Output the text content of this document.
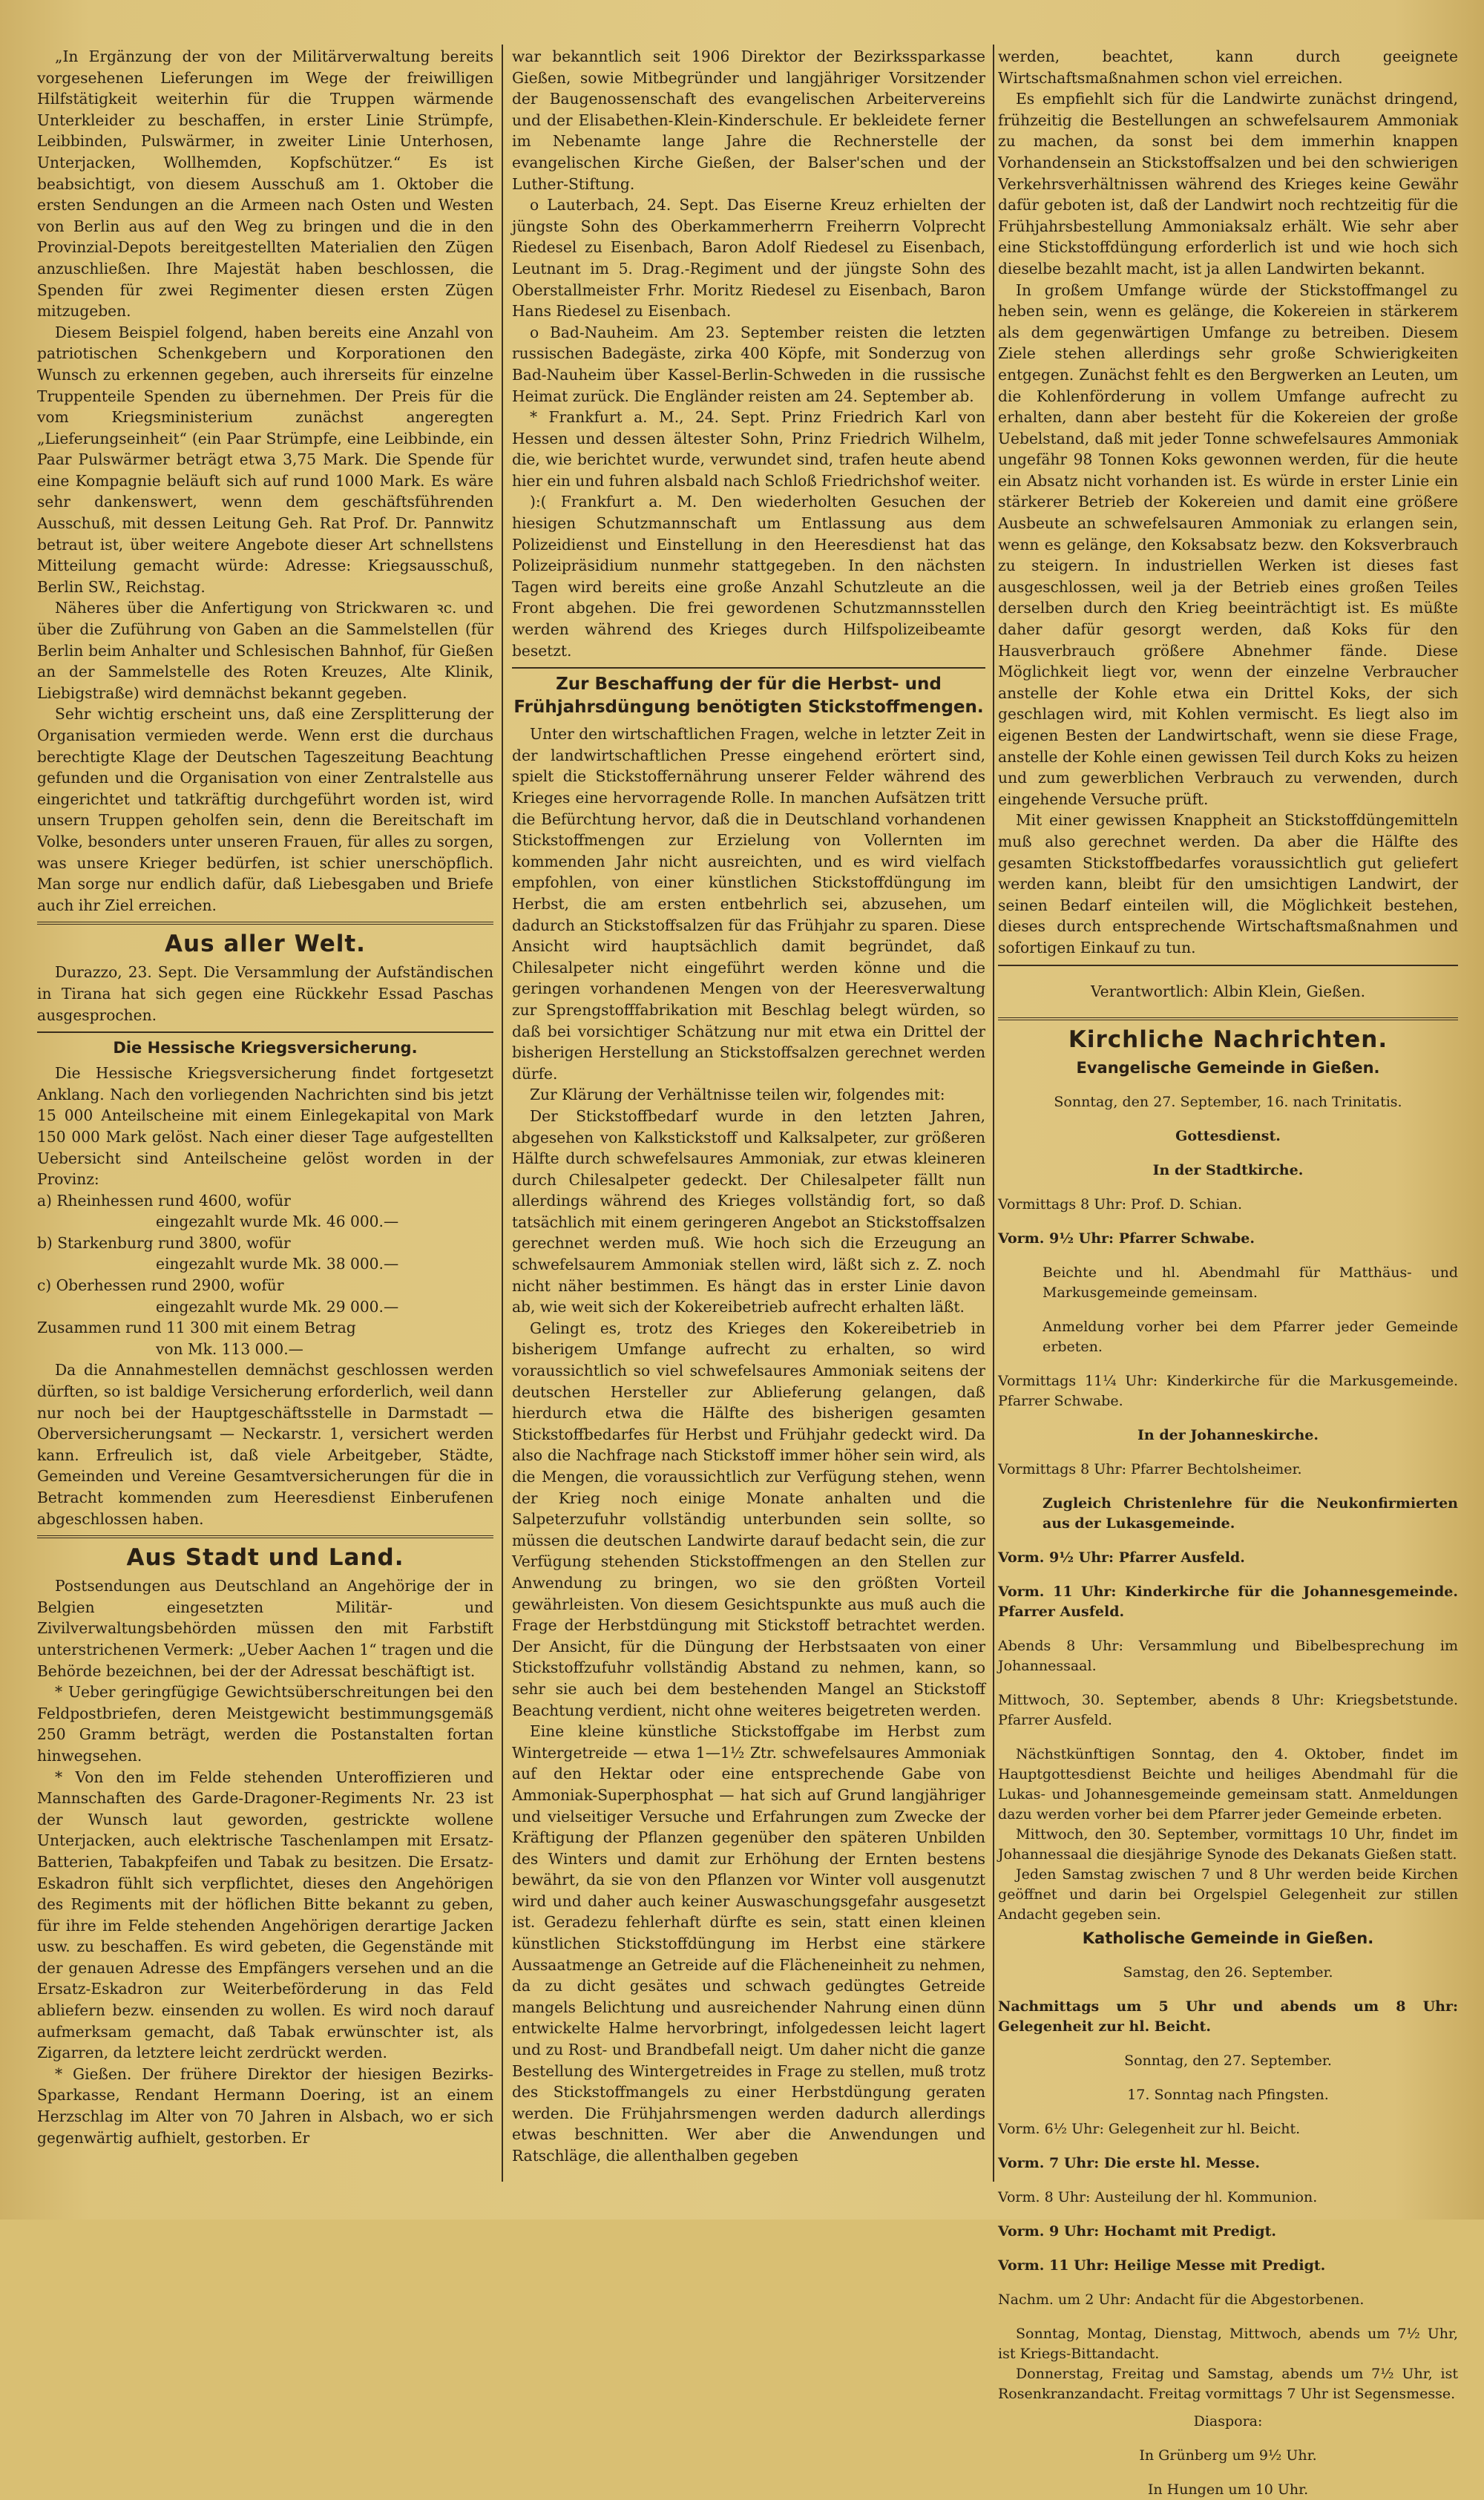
„In Ergänzung der von der Militärverwaltung bereits vorgesehenen Lieferungen im Wege der freiwilligen Hilfstätigkeit weiterhin für die Truppen wärmende Unterkleider zu beschaffen, in erster Linie Strümpfe, Leibbinden, Pulswärmer, in zweiter Linie Unterhosen, Unterjacken, Wollhemden, Kopfschützer.“ Es ist beabsichtigt, von diesem Ausschuß am 1. Oktober die ersten Sendungen an die Armeen nach Osten und Westen von Berlin aus auf den Weg zu bringen und die in den Provinzial-Depots bereitgestellten Materialien den Zügen anzuschließen. Ihre Majestät haben beschlossen, die Spenden für zwei Regimenter diesen ersten Zügen mitzugeben.

Diesem Beispiel folgend, haben bereits eine Anzahl von patriotischen Schenkgebern und Korporationen den Wunsch zu erkennen gegeben, auch ihrerseits für einzelne Truppenteile Spenden zu übernehmen. Der Preis für die vom Kriegsministerium zunächst angeregten „Lieferungseinheit“ (ein Paar Strümpfe, eine Leibbinde, ein Paar Pulswärmer beträgt etwa 3,75 Mark. Die Spende für eine Kompagnie beläuft sich auf rund 1000 Mark. Es wäre sehr dankenswert, wenn dem geschäftsführenden Ausschuß, mit dessen Leitung Geh. Rat Prof. Dr. Pannwitz betraut ist, über weitere Angebote dieser Art schnellstens Mitteilung gemacht würde: Adresse: Kriegsausschuß, Berlin SW., Reichstag.

Näheres über die Anfertigung von Strickwaren ꝛc. und über die Zuführung von Gaben an die Sammelstellen (für Berlin beim Anhalter und Schlesischen Bahnhof, für Gießen an der Sammelstelle des Roten Kreuzes, Alte Klinik, Liebigstraße) wird demnächst bekannt gegeben.

Sehr wichtig erscheint uns, daß eine Zersplitterung der Organisation vermieden werde. Wenn erst die durchaus berechtigte Klage der Deutschen Tageszeitung Beachtung gefunden und die Organisation von einer Zentralstelle aus eingerichtet und tatkräftig durchgeführt worden ist, wird unsern Truppen geholfen sein, denn die Bereitschaft im Volke, besonders unter unseren Frauen, für alles zu sorgen, was unsere Krieger bedürfen, ist schier unerschöpflich. Man sorge nur endlich dafür, daß Liebesgaben und Briefe auch ihr Ziel erreichen.

Aus aller Welt.

Durazzo, 23. Sept. Die Versammlung der Aufständischen in Tirana hat sich gegen eine Rückkehr Essad Paschas ausgesprochen.

Die Hessische Kriegsversicherung.

Die Hessische Kriegsversicherung findet fortgesetzt Anklang. Nach den vorliegenden Nachrichten sind bis jetzt 15 000 Anteilscheine mit einem Einlegekapital von Mark 150 000 Mark gelöst. Nach einer dieser Tage aufgestellten Uebersicht sind Anteilscheine gelöst worden in der Provinz:

a) Rheinhessen rund 4600, wofür
eingezahlt wurde Mk. 46 000.—
b) Starkenburg rund 3800, wofür
eingezahlt wurde Mk. 38 000.—
c) Oberhessen rund 2900, wofür
eingezahlt wurde Mk. 29 000.—
Zusammen rund 11 300 mit einem Betrag
von Mk. 113 000.—

Da die Annahmestellen demnächst geschlossen werden dürften, so ist baldige Versicherung erforderlich, weil dann nur noch bei der Hauptgeschäftsstelle in Darmstadt — Oberversicherungsamt — Neckarstr. 1, versichert werden kann. Erfreulich ist, daß viele Arbeitgeber, Städte, Gemeinden und Vereine Gesamtversicherungen für die in Betracht kommenden zum Heeresdienst Einberufenen abgeschlossen haben.

Aus Stadt und Land.

Postsendungen aus Deutschland an Angehörige der in Belgien eingesetzten Militär- und Zivilverwaltungsbehörden müssen den mit Farbstift unterstrichenen Vermerk: „Ueber Aachen 1“ tragen und die Behörde bezeichnen, bei der der Adressat beschäftigt ist.

* Ueber geringfügige Gewichtsüberschreitungen bei den Feldpostbriefen, deren Meistgewicht bestimmungsgemäß 250 Gramm beträgt, werden die Postanstalten fortan hinwegsehen.

* Von den im Felde stehenden Unteroffizieren und Mannschaften des Garde-Dragoner-Regiments Nr. 23 ist der Wunsch laut geworden, gestrickte wollene Unterjacken, auch elektrische Taschenlampen mit Ersatz-Batterien, Tabakpfeifen und Tabak zu besitzen. Die Ersatz-Eskadron fühlt sich verpflichtet, dieses den Angehörigen des Regiments mit der höflichen Bitte bekannt zu geben, für ihre im Felde stehenden Angehörigen derartige Jacken usw. zu beschaffen. Es wird gebeten, die Gegenstände mit der genauen Adresse des Empfängers versehen und an die Ersatz-Eskadron zur Weiterbeförderung in das Feld abliefern bezw. einsenden zu wollen. Es wird noch darauf aufmerksam gemacht, daß Tabak erwünschter ist, als Zigarren, da letztere leicht zerdrückt werden.

* Gießen. Der frühere Direktor der hiesigen Bezirks-Sparkasse, Rendant Hermann Doering, ist an einem Herzschlag im Alter von 70 Jahren in Alsbach, wo er sich gegenwärtig aufhielt, gestorben. Er

war bekanntlich seit 1906 Direktor der Bezirkssparkasse Gießen, sowie Mitbegründer und langjähriger Vorsitzender der Baugenossenschaft des evangelischen Arbeitervereins und der Elisabethen-Klein-Kinderschule. Er bekleidete ferner im Nebenamte lange Jahre die Rechnerstelle der evangelischen Kirche Gießen, der Balser'schen und der Luther-Stiftung.

o Lauterbach, 24. Sept. Das Eiserne Kreuz erhielten der jüngste Sohn des Oberkammerherrn Freiherrn Volprecht Riedesel zu Eisenbach, Baron Adolf Riedesel zu Eisenbach, Leutnant im 5. Drag.-Regiment und der jüngste Sohn des Oberstallmeister Frhr. Moritz Riedesel zu Eisenbach, Baron Hans Riedesel zu Eisenbach.

o Bad-Nauheim. Am 23. September reisten die letzten russischen Badegäste, zirka 400 Köpfe, mit Sonderzug von Bad-Nauheim über Kassel-Berlin-Schweden in die russische Heimat zurück. Die Engländer reisten am 24. September ab.

* Frankfurt a. M., 24. Sept. Prinz Friedrich Karl von Hessen und dessen ältester Sohn, Prinz Friedrich Wilhelm, die, wie berichtet wurde, verwundet sind, trafen heute abend hier ein und fuhren alsbald nach Schloß Friedrichshof weiter.

):( Frankfurt a. M. Den wiederholten Gesuchen der hiesigen Schutzmannschaft um Entlassung aus dem Polizeidienst und Einstellung in den Heeresdienst hat das Polizeipräsidium nunmehr stattgegeben. In den nächsten Tagen wird bereits eine große Anzahl Schutzleute an die Front abgehen. Die frei gewordenen Schutzmannsstellen werden während des Krieges durch Hilfspolizeibeamte besetzt.

Zur Beschaffung der für die Herbst- und Frühjahrsdüngung benötigten Stickstoffmengen.

Unter den wirtschaftlichen Fragen, welche in letzter Zeit in der landwirtschaftlichen Presse eingehend erörtert sind, spielt die Stickstoffernährung unserer Felder während des Krieges eine hervorragende Rolle. In manchen Aufsätzen tritt die Befürchtung hervor, daß die in Deutschland vorhandenen Stickstoffmengen zur Erzielung von Vollernten im kommenden Jahr nicht ausreichten, und es wird vielfach empfohlen, von einer künstlichen Stickstoffdüngung im Herbst, die am ersten entbehrlich sei, abzusehen, um dadurch an Stickstoffsalzen für das Frühjahr zu sparen. Diese Ansicht wird hauptsächlich damit begründet, daß Chilesalpeter nicht eingeführt werden könne und die geringen vorhandenen Mengen von der Heeresverwaltung zur Sprengstofffabrikation mit Beschlag belegt würden, so daß bei vorsichtiger Schätzung nur mit etwa ein Drittel der bisherigen Herstellung an Stickstoffsalzen gerechnet werden dürfe.

Zur Klärung der Verhältnisse teilen wir, folgendes mit:

Der Stickstoffbedarf wurde in den letzten Jahren, abgesehen von Kalkstickstoff und Kalksalpeter, zur größeren Hälfte durch schwefelsaures Ammoniak, zur etwas kleineren durch Chilesalpeter gedeckt. Der Chilesalpeter fällt nun allerdings während des Krieges vollständig fort, so daß tatsächlich mit einem geringeren Angebot an Stickstoffsalzen gerechnet werden muß. Wie hoch sich die Erzeugung an schwefelsaurem Ammoniak stellen wird, läßt sich z. Z. noch nicht näher bestimmen. Es hängt das in erster Linie davon ab, wie weit sich der Kokereibetrieb aufrecht erhalten läßt.

Gelingt es, trotz des Krieges den Kokereibetrieb in bisherigem Umfange aufrecht zu erhalten, so wird voraussichtlich so viel schwefelsaures Ammoniak seitens der deutschen Hersteller zur Ablieferung gelangen, daß hierdurch etwa die Hälfte des bisherigen gesamten Stickstoffbedarfes für Herbst und Frühjahr gedeckt wird. Da also die Nachfrage nach Stickstoff immer höher sein wird, als die Mengen, die voraussichtlich zur Verfügung stehen, wenn der Krieg noch einige Monate anhalten und die Salpeterzufuhr vollständig unterbunden sein sollte, so müssen die deutschen Landwirte darauf bedacht sein, die zur Verfügung stehenden Stickstoffmengen an den Stellen zur Anwendung zu bringen, wo sie den größten Vorteil gewährleisten. Von diesem Gesichtspunkte aus muß auch die Frage der Herbstdüngung mit Stickstoff betrachtet werden. Der Ansicht, für die Düngung der Herbstsaaten von einer Stickstoffzufuhr vollständig Abstand zu nehmen, kann, so sehr sie auch bei dem bestehenden Mangel an Stickstoff Beachtung verdient, nicht ohne weiteres beigetreten werden.

Eine kleine künstliche Stickstoffgabe im Herbst zum Wintergetreide — etwa 1—1½ Ztr. schwefelsaures Ammoniak auf den Hektar oder eine entsprechende Gabe von Ammoniak-Superphosphat — hat sich auf Grund langjähriger und vielseitiger Versuche und Erfahrungen zum Zwecke der Kräftigung der Pflanzen gegenüber den späteren Unbilden des Winters und damit zur Erhöhung der Ernten bestens bewährt, da sie von den Pflanzen vor Winter voll ausgenutzt wird und daher auch keiner Auswaschungsgefahr ausgesetzt ist. Geradezu fehlerhaft dürfte es sein, statt einen kleinen künstlichen Stickstoffdüngung im Herbst eine stärkere Aussaatmenge an Getreide auf die Flächeneinheit zu nehmen, da zu dicht gesätes und schwach gedüngtes Getreide mangels Belichtung und ausreichender Nahrung einen dünn entwickelte Halme hervorbringt, infolgedessen leicht lagert und zu Rost- und Brandbefall neigt. Um daher nicht die ganze Bestellung des Wintergetreides in Frage zu stellen, muß trotz des Stickstoffmangels zu einer Herbstdüngung geraten werden. Die Frühjahrsmengen werden dadurch allerdings etwas beschnitten. Wer aber die Anwendungen und Ratschläge, die allenthalben gegeben

werden, beachtet, kann durch geeignete Wirtschaftsmaßnahmen schon viel erreichen.

Es empfiehlt sich für die Landwirte zunächst dringend, frühzeitig die Bestellungen an schwefelsaurem Ammoniak zu machen, da sonst bei dem immerhin knappen Vorhandensein an Stickstoffsalzen und bei den schwierigen Verkehrsverhältnissen während des Krieges keine Gewähr dafür geboten ist, daß der Landwirt noch rechtzeitig für die Frühjahrsbestellung Ammoniaksalz erhält. Wie sehr aber eine Stickstoffdüngung erforderlich ist und wie hoch sich dieselbe bezahlt macht, ist ja allen Landwirten bekannt.

In großem Umfange würde der Stickstoffmangel zu heben sein, wenn es gelänge, die Kokereien in stärkerem als dem gegenwärtigen Umfange zu betreiben. Diesem Ziele stehen allerdings sehr große Schwierigkeiten entgegen. Zunächst fehlt es den Bergwerken an Leuten, um die Kohlenförderung in vollem Umfange aufrecht zu erhalten, dann aber besteht für die Kokereien der große Uebelstand, daß mit jeder Tonne schwefelsaures Ammoniak ungefähr 98 Tonnen Koks gewonnen werden, für die heute ein Absatz nicht vorhanden ist. Es würde in erster Linie ein stärkerer Betrieb der Kokereien und damit eine größere Ausbeute an schwefelsauren Ammoniak zu erlangen sein, wenn es gelänge, den Koksabsatz bezw. den Koksverbrauch zu steigern. In industriellen Werken ist dieses fast ausgeschlossen, weil ja der Betrieb eines großen Teiles derselben durch den Krieg beeinträchtigt ist. Es müßte daher dafür gesorgt werden, daß Koks für den Hausverbrauch größere Abnehmer fände. Diese Möglichkeit liegt vor, wenn der einzelne Verbraucher anstelle der Kohle etwa ein Drittel Koks, der sich geschlagen wird, mit Kohlen vermischt. Es liegt also im eigenen Besten der Landwirtschaft, wenn sie diese Frage, anstelle der Kohle einen gewissen Teil durch Koks zu heizen und zum gewerblichen Verbrauch zu verwenden, durch eingehende Versuche prüft.

Mit einer gewissen Knappheit an Stickstoffdüngemitteln muß also gerechnet werden. Da aber die Hälfte des gesamten Stickstoffbedarfes voraussichtlich gut geliefert werden kann, bleibt für den umsichtigen Landwirt, der seinen Bedarf einteilen will, die Möglichkeit bestehen, dieses durch entsprechende Wirtschaftsmaßnahmen und sofortigen Einkauf zu tun.

Verantwortlich: Albin Klein, Gießen.

Kirchliche Nachrichten.
Evangelische Gemeinde in Gießen.

Sonntag, den 27. September, 16. nach Trinitatis.

Gottesdienst.

In der Stadtkirche.

Vormittags 8 Uhr: Prof. D. Schian.

Vorm. 9½ Uhr: Pfarrer Schwabe.

Beichte und hl. Abendmahl für Matthäus- und Markusgemeinde gemeinsam.

Anmeldung vorher bei dem Pfarrer jeder Gemeinde erbeten.

Vormittags 11¼ Uhr: Kinderkirche für die Markusgemeinde. Pfarrer Schwabe.

In der Johanneskirche.

Vormittags 8 Uhr: Pfarrer Bechtolsheimer.

Zugleich Christenlehre für die Neukonfirmierten aus der Lukasgemeinde.

Vorm. 9½ Uhr: Pfarrer Ausfeld.

Vorm. 11 Uhr: Kinderkirche für die Johannesgemeinde. Pfarrer Ausfeld.

Abends 8 Uhr: Versammlung und Bibelbesprechung im Johannessaal.

Mittwoch, 30. September, abends 8 Uhr: Kriegsbetstunde. Pfarrer Ausfeld.

Nächstkünftigen Sonntag, den 4. Oktober, findet im Hauptgottesdienst Beichte und heiliges Abendmahl für die Lukas- und Johannesgemeinde gemeinsam statt. Anmeldungen dazu werden vorher bei dem Pfarrer jeder Gemeinde erbeten.

Mittwoch, den 30. September, vormittags 10 Uhr, findet im Johannessaal die diesjährige Synode des Dekanats Gießen statt.

Jeden Samstag zwischen 7 und 8 Uhr werden beide Kirchen geöffnet und darin bei Orgelspiel Gelegenheit zur stillen Andacht gegeben sein.

Katholische Gemeinde in Gießen.

Samstag, den 26. September.

Nachmittags um 5 Uhr und abends um 8 Uhr: Gelegenheit zur hl. Beicht.

Sonntag, den 27. September.

17. Sonntag nach Pfingsten.

Vorm. 6½ Uhr: Gelegenheit zur hl. Beicht.

Vorm. 7 Uhr: Die erste hl. Messe.

Vorm. 8 Uhr: Austeilung der hl. Kommunion.

Vorm. 9 Uhr: Hochamt mit Predigt.

Vorm. 11 Uhr: Heilige Messe mit Predigt.

Nachm. um 2 Uhr: Andacht für die Abgestorbenen.

Sonntag, Montag, Dienstag, Mittwoch, abends um 7½ Uhr, ist Kriegs-Bittandacht.

Donnerstag, Freitag und Samstag, abends um 7½ Uhr, ist Rosenkranzandacht. Freitag vormittags 7 Uhr ist Segensmesse.

Diaspora:

In Grünberg um 9½ Uhr.

In Hungen um 10 Uhr.
